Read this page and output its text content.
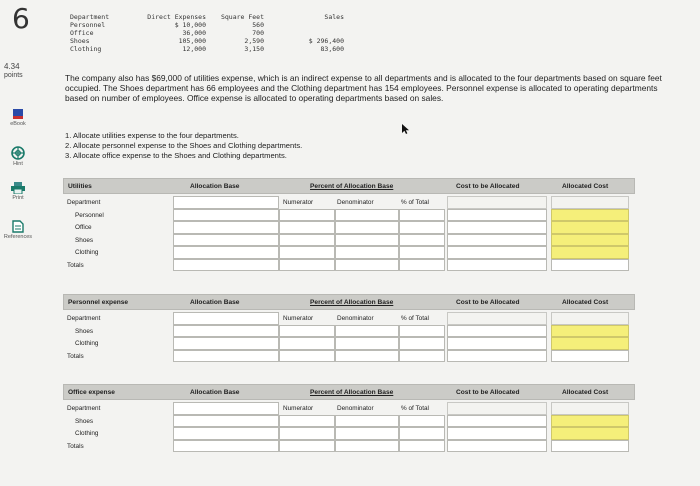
6
4.34
points
eBook
Hint
Print
References
Department	Direct Expenses	Square Feet	Sales
Personnel	$ 10,000	560
Office	36,000	700
Shoes	105,000	2,590	$ 296,400
Clothing	12,000	3,150	83,600
The company also has $69,000 of utilities expense, which is an indirect expense to all departments and is allocated to the four departments based on square feet occupied. The Shoes department has 66 employees and the Clothing department has 154 employees. Personnel expense is allocated to operating departments based on number of employees. Office expense is allocated to operating departments based on sales.
1. Allocate utilities expense to the four departments.
2. Allocate personnel expense to the Shoes and Clothing departments.
3. Allocate office expense to the Shoes and Clothing departments.
Utilities	Allocation Base	Percent of Allocation Base	Cost to be Allocated	Allocated Cost
Department	Numerator	Denominator	% of Total
Personnel
Office
Shoes
Clothing
Totals
Personnel expense	Allocation Base	Percent of Allocation Base	Cost to be Allocated	Allocated Cost
Department	Numerator	Denominator	% of Total
Shoes
Clothing
Totals
Office expense	Allocation Base	Percent of Allocation Base	Cost to be Allocated	Allocated Cost
Department	Numerator	Denominator	% of Total
Shoes
Clothing
Totals
